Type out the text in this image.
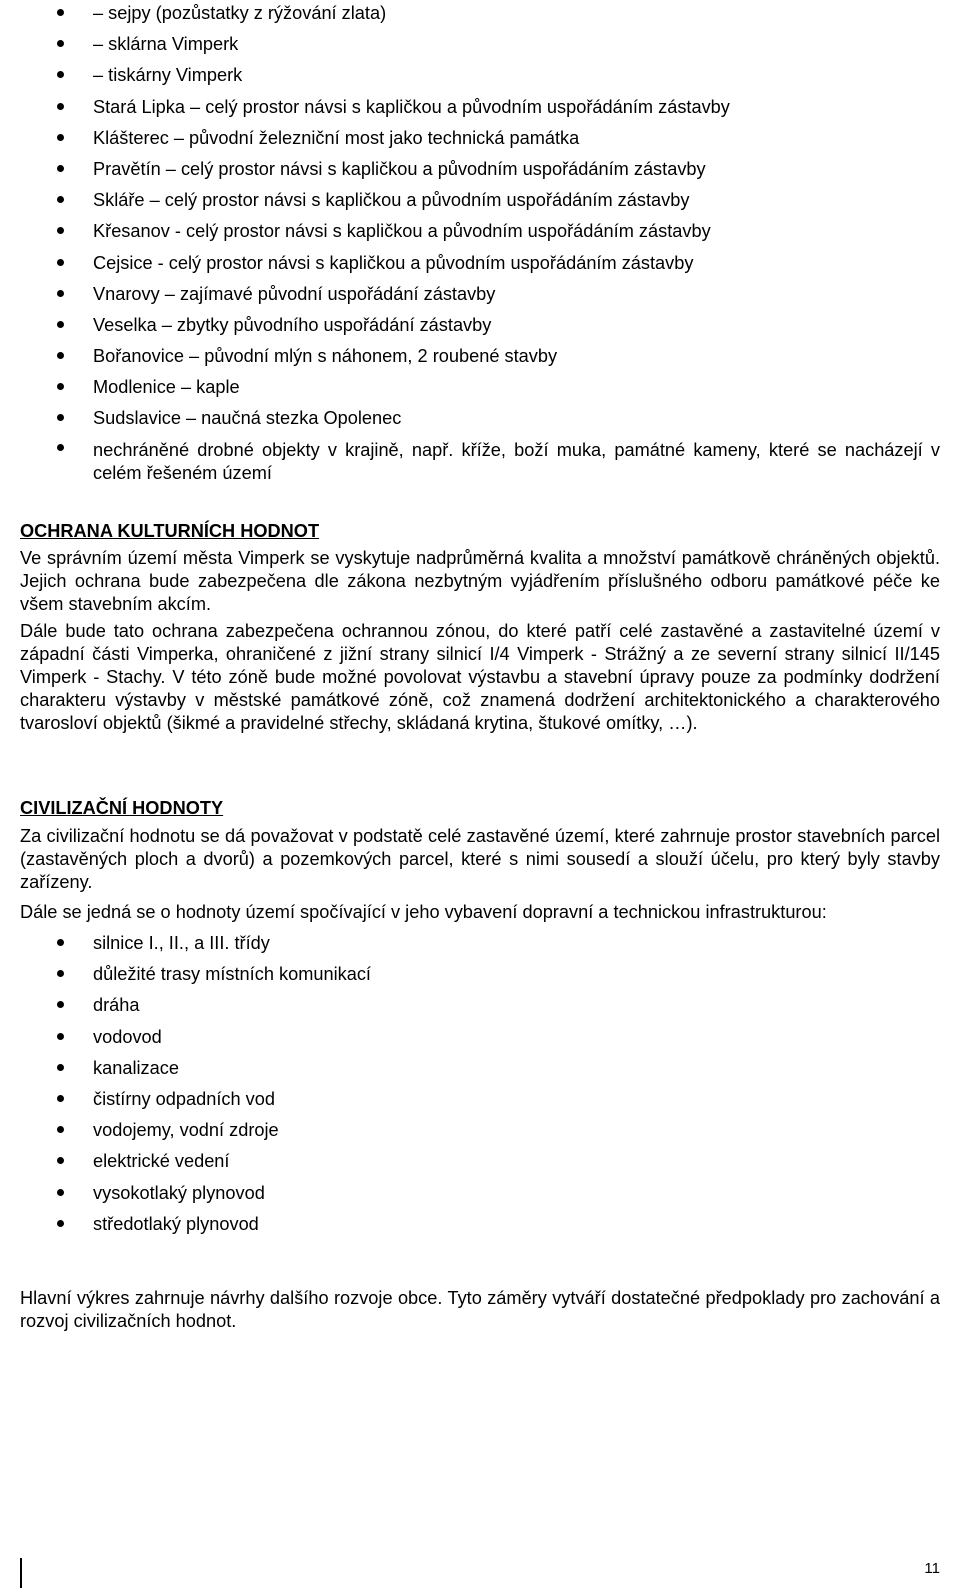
– sejpy (pozůstatky z rýžování zlata)
– sklárna Vimperk
– tiskárny Vimperk
Stará Lipka – celý prostor návsi s kapličkou a původním uspořádáním zástavby
Klášterec – původní železniční most jako technická památka
Pravětín – celý prostor návsi s kapličkou a původním uspořádáním zástavby
Skláře – celý prostor návsi s kapličkou a původním uspořádáním zástavby
Křesanov - celý prostor návsi s kapličkou a původním uspořádáním zástavby
Cejsice - celý prostor návsi s kapličkou a původním uspořádáním zástavby
Vnarovy – zajímavé původní uspořádání zástavby
Veselka – zbytky původního uspořádání zástavby
Bořanovice – původní mlýn s náhonem, 2 roubené stavby
Modlenice – kaple
Sudslavice – naučná stezka Opolenec
nechráněné drobné objekty v krajině, např. kříže, boží muka, památné kameny, které se nacházejí v celém řešeném území
OCHRANA KULTURNÍCH HODNOT
Ve správním území města Vimperk se vyskytuje nadprůměrná kvalita a množství památkově chráněných objektů. Jejich ochrana bude zabezpečena dle zákona nezbytným vyjádřením příslušného odboru památkové péče ke všem stavebním akcím.
Dále bude tato ochrana zabezpečena ochrannou zónou, do které patří celé zastavěné a zastavitelné území v západní části Vimperka, ohraničené z jižní strany silnicí I/4 Vimperk - Strážný a ze severní strany silnicí II/145 Vimperk - Stachy. V této zóně bude možné povolovat výstavbu a stavební úpravy pouze za podmínky dodržení charakteru výstavby v městské památkové zóně, což znamená dodržení architektonického a charakterového tvarosloví objektů (šikmé a pravidelné střechy, skládaná krytina, štukové omítky, …).
CIVILIZAČNÍ HODNOTY
Za civilizační hodnotu se dá považovat v podstatě celé zastavěné území, které zahrnuje prostor stavebních parcel (zastavěných ploch a dvorů) a pozemkových parcel, které s nimi sousedí a slouží účelu, pro který byly stavby zařízeny.
Dále se jedná se o hodnoty území spočívající v jeho vybavení dopravní a technickou infrastrukturou:
silnice I., II., a III. třídy
důležité trasy místních komunikací
dráha
vodovod
kanalizace
čistírny odpadních vod
vodojemy, vodní zdroje
elektrické vedení
vysokotlaký plynovod
středotlaký plynovod
Hlavní výkres zahrnuje návrhy dalšího rozvoje obce. Tyto záměry vytváří dostatečné předpoklady pro zachování a rozvoj civilizačních hodnot.
11
